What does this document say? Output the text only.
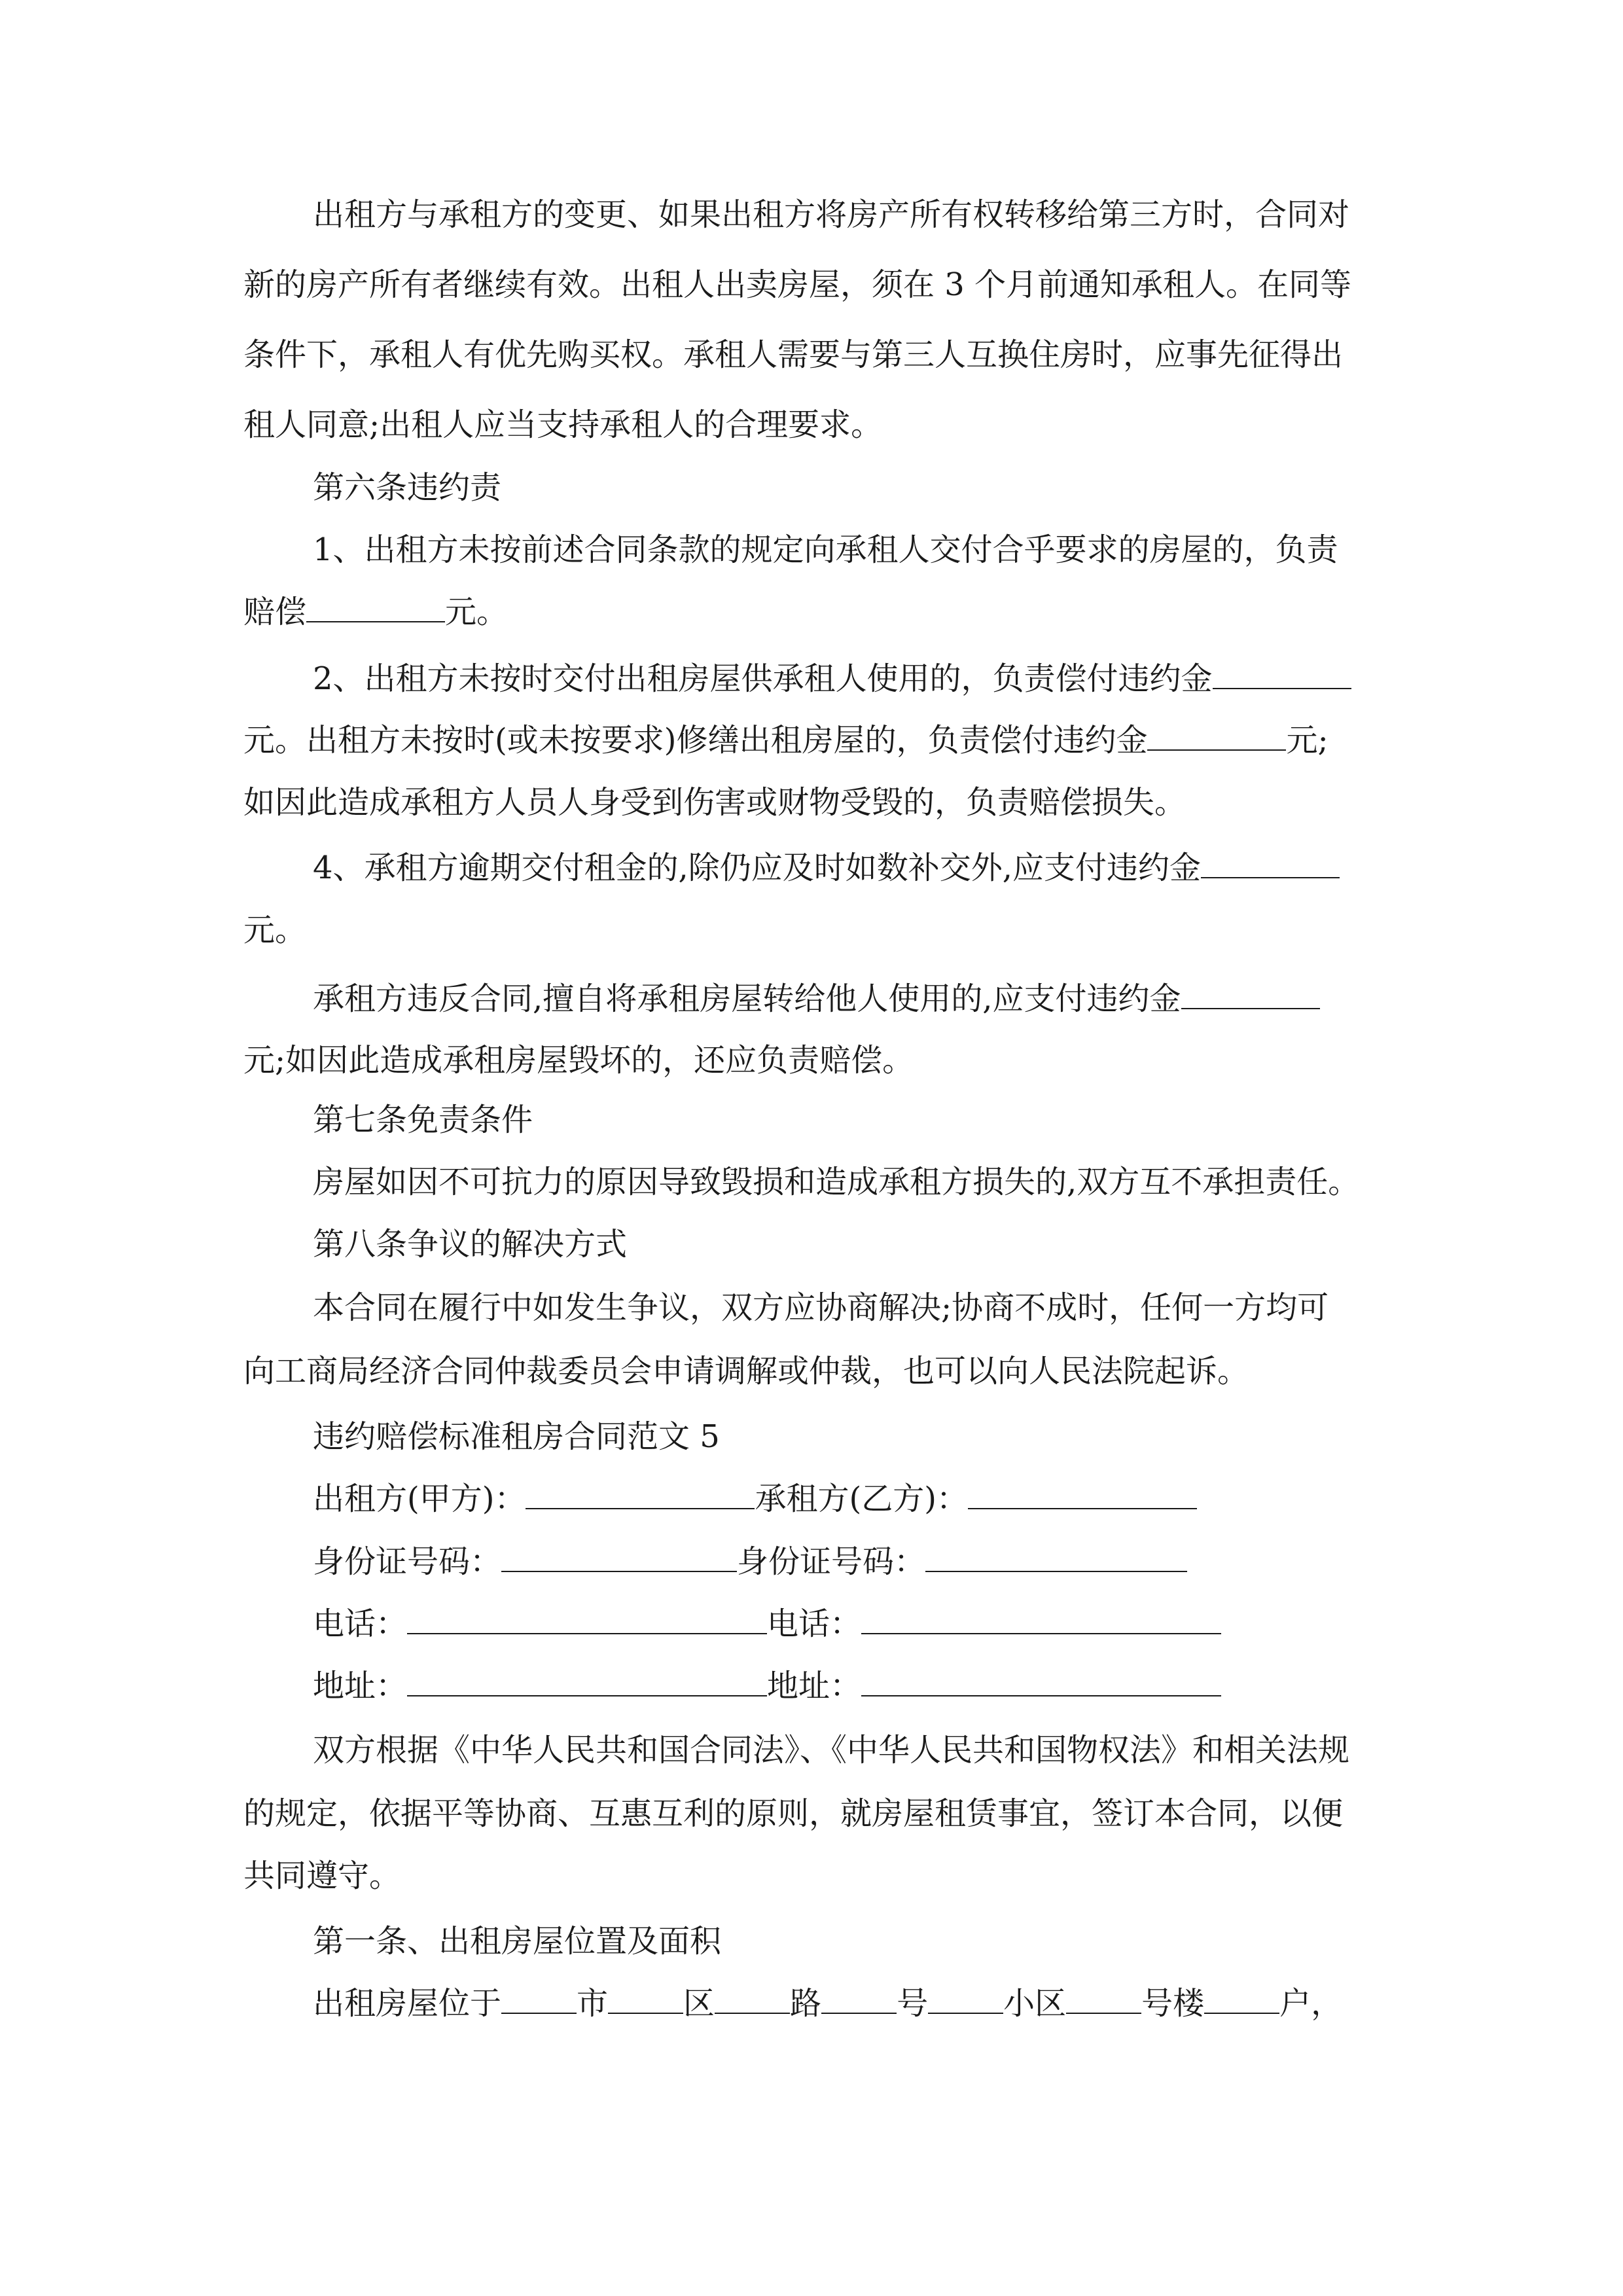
出租方与承租方的变更、如果出租方将房产所有权转移给第三方时，合同对
新的房产所有者继续有效。出租人出卖房屋，须在 3 个月前通知承租人。在同等
条件下，承租人有优先购买权。承租人需要与第三人互换住房时，应事先征得出
租人同意;出租人应当支持承租人的合理要求。
第六条违约责
1、出租方未按前述合同条款的规定向承租人交付合乎要求的房屋的，负责
赔偿	元。
2、出租方未按时交付出租房屋供承租人使用的，负责偿付违约金
元。出租方未按时(或未按要求)修缮出租房屋的，负责偿付违约金	元;
如因此造成承租方人员人身受到伤害或财物受毁的，负责赔偿损失。
4、承租方逾期交付租金的,除仍应及时如数补交外,应支付违约金
元。
承租方违反合同,擅自将承租房屋转给他人使用的,应支付违约金
元;如因此造成承租房屋毁坏的，还应负责赔偿。
第七条免责条件
房屋如因不可抗力的原因导致毁损和造成承租方损失的,双方互不承担责任。
第八条争议的解决方式
本合同在履行中如发生争议，双方应协商解决;协商不成时，任何一方均可
向工商局经济合同仲裁委员会申请调解或仲裁，也可以向人民法院起诉。
违约赔偿标准租房合同范文 5
出租方(甲方)：	承租方(乙方)：
身份证号码：	身份证号码：
电话：	电话：
地址：	地址：
双方根据《中华人民共和国合同法》、《中华人民共和国物权法》和相关法规
的规定，依据平等协商、互惠互利的原则，就房屋租赁事宜，签订本合同，以便
共同遵守。
第一条、出租房屋位置及面积
出租房屋位于 市 区 路 号 小区 号楼 户，
